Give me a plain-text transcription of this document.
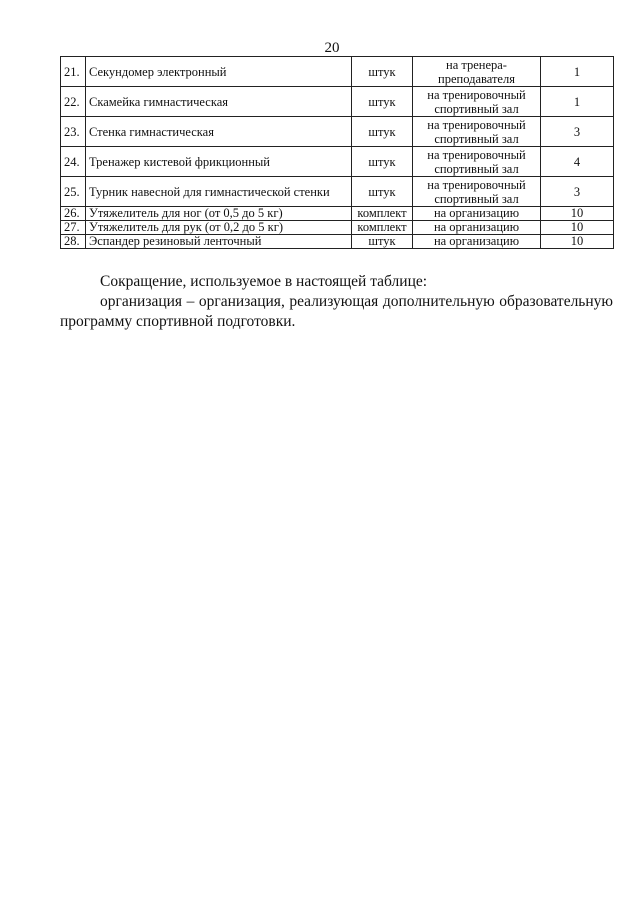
20
21.	Секундомер электронный	штук	на тренера-преподавателя	1
22.	Скамейка гимнастическая	штук	на тренировочный спортивный зал	1
23.	Стенка гимнастическая	штук	на тренировочный спортивный зал	3
24.	Тренажер кистевой фрикционный	штук	на тренировочный спортивный зал	4
25.	Турник навесной для гимнастической стенки	штук	на тренировочный спортивный зал	3
26.	Утяжелитель для ног (от 0,5 до 5 кг)	комплект	на организацию	10
27.	Утяжелитель для рук (от 0,2 до 5 кг)	комплект	на организацию	10
28.	Эспандер резиновый ленточный	штук	на организацию	10

Сокращение, используемое в настоящей таблице:

организация – организация, реализующая дополнительную образовательную программу спортивной подготовки.
